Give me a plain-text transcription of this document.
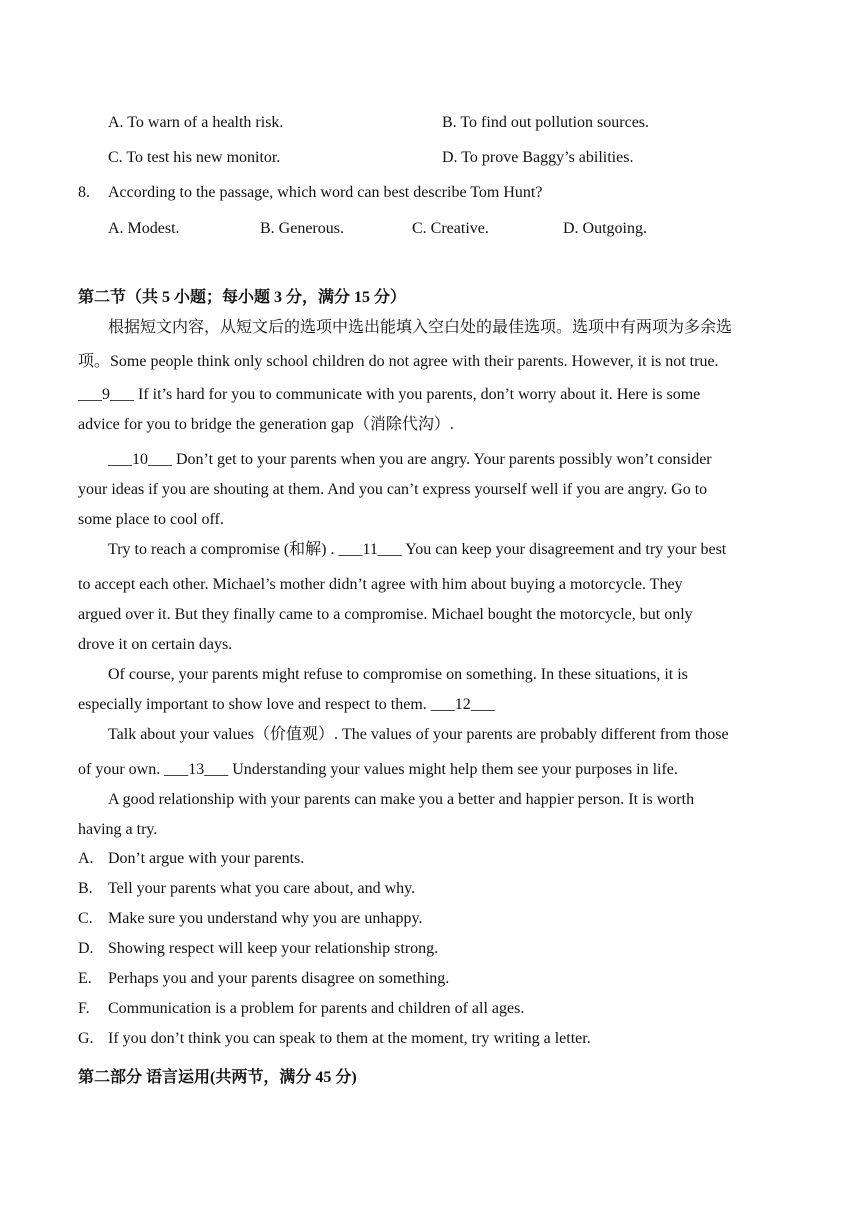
A. To warn of a health risk.	B. To find out pollution sources.
C. To test his new monitor.	D. To prove Baggy’s abilities.
8. According to the passage, which word can best describe Tom Hunt?
A. Modest.	B. Generous.	C. Creative.	D. Outgoing.
第二节（共 5 小题；每小题 3 分，满分 15 分）
根据短文内容，从短文后的选项中选出能填入空白处的最佳选项。选项中有两项为多余选
项。Some people think only school children do not agree with their parents. However, it is not true.
___9___ If it’s hard for you to communicate with you parents, don’t worry about it. Here is some
advice for you to bridge the generation gap（消除代沟）.
___10___ Don’t get to your parents when you are angry. Your parents possibly won’t consider
your ideas if you are shouting at them. And you can’t express yourself well if you are angry. Go to
some place to cool off.
Try to reach a compromise (和解) . ___11___ You can keep your disagreement and try your best
to accept each other. Michael’s mother didn’t agree with him about buying a motorcycle. They
argued over it. But they finally came to a compromise. Michael bought the motorcycle, but only
drove it on certain days.
Of course, your parents might refuse to compromise on something. In these situations, it is
especially important to show love and respect to them. ___12___
Talk about your values（价值观）. The values of your parents are probably different from those
of your own. ___13___ Understanding your values might help them see your purposes in life.
A good relationship with your parents can make you a better and happier person. It is worth
having a try.
A. Don’t argue with your parents.
B. Tell your parents what you care about, and why.
C. Make sure you understand why you are unhappy.
D. Showing respect will keep your relationship strong.
E. Perhaps you and your parents disagree on something.
F. Communication is a problem for parents and children of all ages.
G. If you don’t think you can speak to them at the moment, try writing a letter.
第二部分 语言运用(共两节，满分 45 分)
